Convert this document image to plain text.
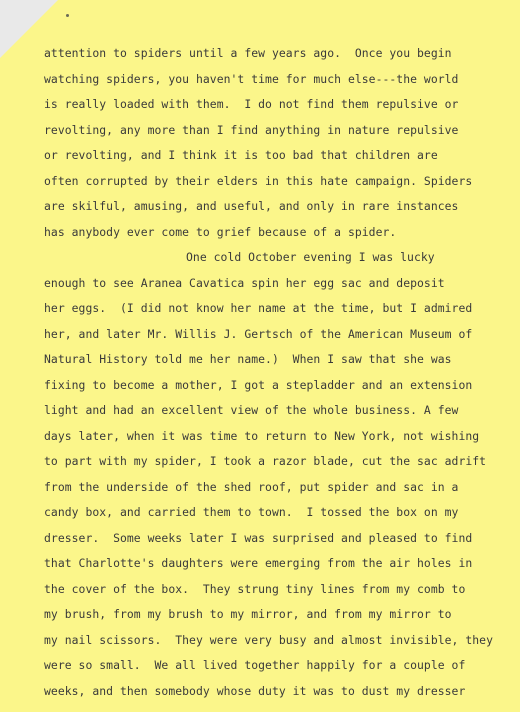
attention to spiders until a few years ago.  Once you begin
watching spiders, you haven't time for much else---the world
is really loaded with them.  I do not find them repulsive or
revolting, any more than I find anything in nature repulsive
or revolting, and I think it is too bad that children are
often corrupted by their elders in this hate campaign. Spiders
are skilful, amusing, and useful, and only in rare instances
has anybody ever come to grief because of a spider.
One cold October evening I was lucky
enough to see Aranea Cavatica spin her egg sac and deposit
her eggs.  (I did not know her name at the time, but I admired
her, and later Mr. Willis J. Gertsch of the American Museum of
Natural History told me her name.)  When I saw that she was
fixing to become a mother, I got a stepladder and an extension
light and had an excellent view of the whole business. A few
days later, when it was time to return to New York, not wishing
to part with my spider, I took a razor blade, cut the sac adrift
from the underside of the shed roof, put spider and sac in a
candy box, and carried them to town.  I tossed the box on my
dresser.  Some weeks later I was surprised and pleased to find
that Charlotte's daughters were emerging from the air holes in
the cover of the box.  They strung tiny lines from my comb to
my brush, from my brush to my mirror, and from my mirror to
my nail scissors.  They were very busy and almost invisible, they
were so small.  We all lived together happily for a couple of
weeks, and then somebody whose duty it was to dust my dresser
